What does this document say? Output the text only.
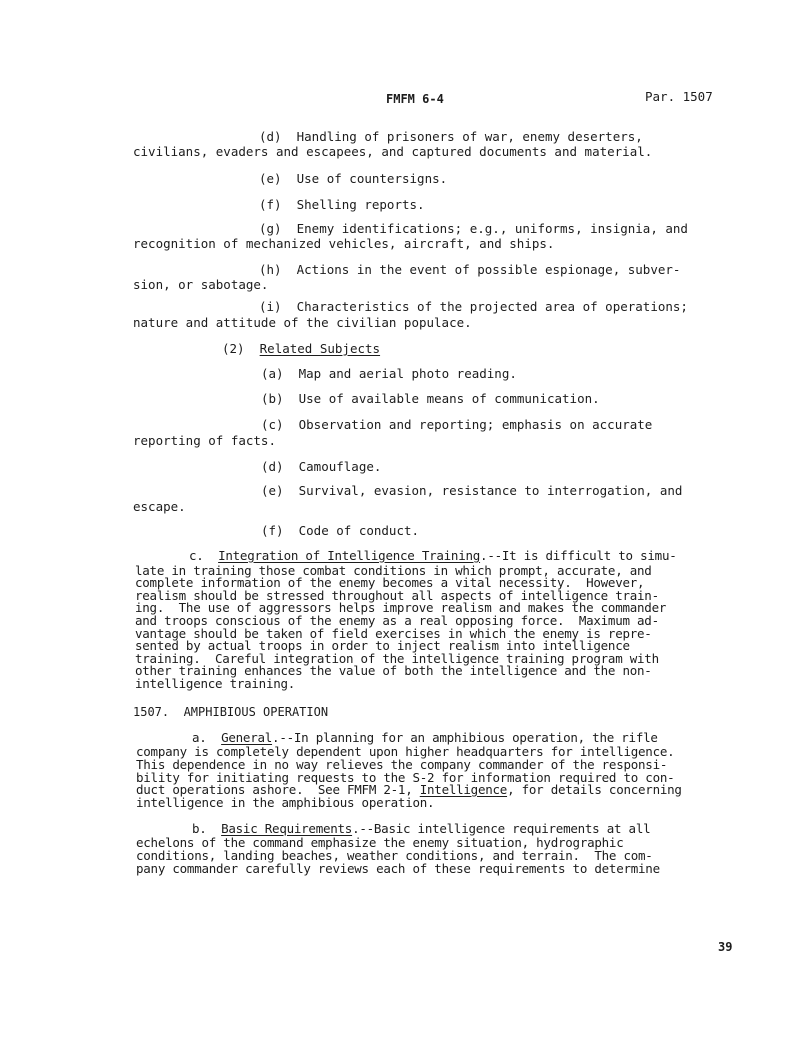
FMFM 6-4	Par. 1507
(d)  Handling of prisoners of war, enemy deserters,
civilians, evaders and escapees, and captured documents and material.
(e)  Use of countersigns.
(f)  Shelling reports.
(g)  Enemy identifications; e.g., uniforms, insignia, and
recognition of mechanized vehicles, aircraft, and ships.
(h)  Actions in the event of possible espionage, subver-
sion, or sabotage.
(i)  Characteristics of the projected area of operations;
nature and attitude of the civilian populace.
(2) Related Subjects
(a)  Map and aerial photo reading.
(b)  Use of available means of communication.
(c)  Observation and reporting; emphasis on accurate
reporting of facts.
(d)  Camouflage.
(e)  Survival, evasion, resistance to interrogation, and
escape.
(f)  Code of conduct.
c.  Integration of Intelligence Training.--It is difficult to simu-
late in training those combat conditions in which prompt, accurate, and
complete information of the enemy becomes a vital necessity.  However,
realism should be stressed throughout all aspects of intelligence train-
ing.  The use of aggressors helps improve realism and makes the commander
and troops conscious of the enemy as a real opposing force.  Maximum ad-
vantage should be taken of field exercises in which the enemy is repre-
sented by actual troops in order to inject realism into intelligence
training.  Careful integration of the intelligence training program with
other training enhances the value of both the intelligence and the non-
intelligence training.
1507.  AMPHIBIOUS OPERATION
a.  General.--In planning for an amphibious operation, the rifle
company is completely dependent upon higher headquarters for intelligence.
This dependence in no way relieves the company commander of the responsi-
bility for initiating requests to the S-2 for information required to con-
duct operations ashore.  See FMFM 2-1, Intelligence, for details concerning
intelligence in the amphibious operation.
b.  Basic Requirements.--Basic intelligence requirements at all
echelons of the command emphasize the enemy situation, hydrographic
conditions, landing beaches, weather conditions, and terrain.  The com-
pany commander carefully reviews each of these requirements to determine
39
